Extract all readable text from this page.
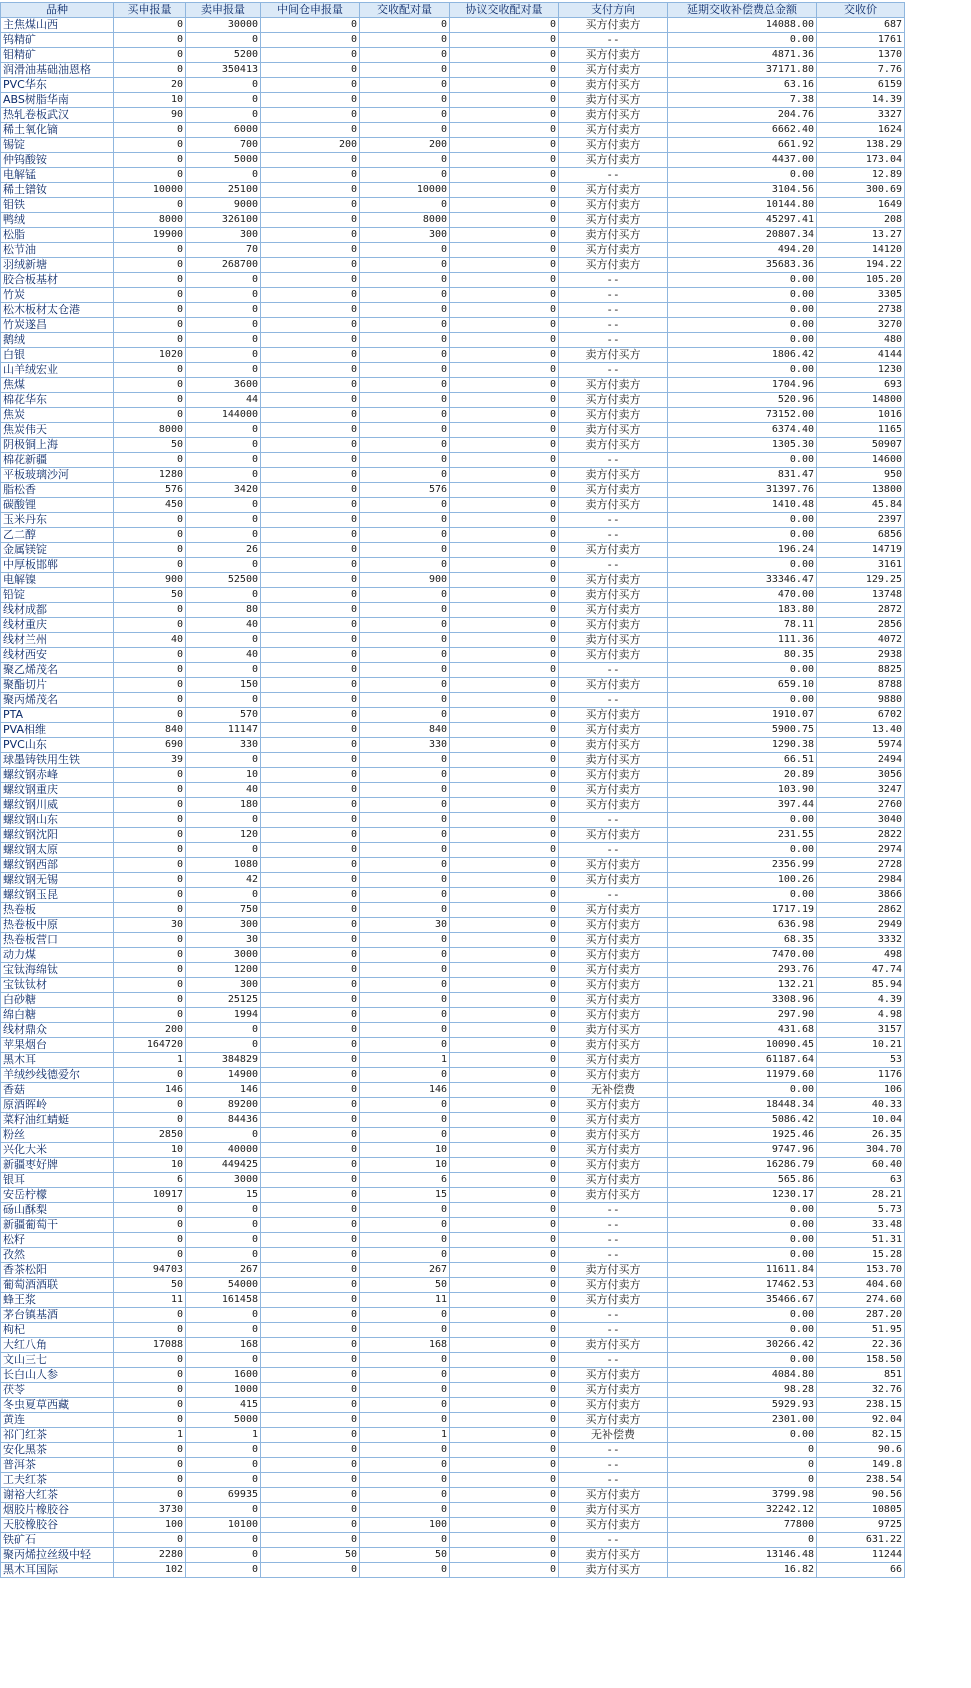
品种	买申报量	卖申报量	中间仓申报量	交收配对量	协议交收配对量	支付方向	延期交收补偿费总金额	交收价
主焦煤山西	0	30000	0	0	0	买方付卖方	14088.00	687
钨精矿	0	0	0	0	0	--	0.00	1761
钼精矿	0	5200	0	0	0	买方付卖方	4871.36	1370
润滑油基础油恩格	0	350413	0	0	0	买方付卖方	37171.80	7.76
PVC华东	20	0	0	0	0	卖方付买方	63.16	6159
ABS树脂华南	10	0	0	0	0	卖方付买方	7.38	14.39
热轧卷板武汉	90	0	0	0	0	卖方付买方	204.76	3327
稀土氧化镝	0	6000	0	0	0	买方付卖方	6662.40	1624
锡锭	0	700	200	200	0	买方付卖方	661.92	138.29
仲钨酸铵	0	5000	0	0	0	买方付卖方	4437.00	173.04
电解锰	0	0	0	0	0	--	0.00	12.89
稀土镨钕	10000	25100	0	10000	0	买方付卖方	3104.56	300.69
钼铁	0	9000	0	0	0	买方付卖方	10144.80	1649
鸭绒	8000	326100	0	8000	0	买方付卖方	45297.41	208
松脂	19900	300	0	300	0	卖方付买方	20807.34	13.27
松节油	0	70	0	0	0	买方付卖方	494.20	14120
羽绒新塘	0	268700	0	0	0	买方付卖方	35683.36	194.22
胶合板基材	0	0	0	0	0	--	0.00	105.20
竹炭	0	0	0	0	0	--	0.00	3305
松木板材太仓港	0	0	0	0	0	--	0.00	2738
竹炭遂昌	0	0	0	0	0	--	0.00	3270
鹅绒	0	0	0	0	0	--	0.00	480
白银	1020	0	0	0	0	卖方付买方	1806.42	4144
山羊绒宏业	0	0	0	0	0	--	0.00	1230
焦煤	0	3600	0	0	0	买方付卖方	1704.96	693
棉花华东	0	44	0	0	0	买方付卖方	520.96	14800
焦炭	0	144000	0	0	0	买方付卖方	73152.00	1016
焦炭伟天	8000	0	0	0	0	卖方付买方	6374.40	1165
阴极铜上海	50	0	0	0	0	卖方付买方	1305.30	50907
棉花新疆	0	0	0	0	0	--	0.00	14600
平板玻璃沙河	1280	0	0	0	0	卖方付买方	831.47	950
脂松香	576	3420	0	576	0	买方付卖方	31397.76	13800
碳酸锂	450	0	0	0	0	卖方付买方	1410.48	45.84
玉米丹东	0	0	0	0	0	--	0.00	2397
乙二醇	0	0	0	0	0	--	0.00	6856
金属镁锭	0	26	0	0	0	买方付卖方	196.24	14719
中厚板邯郸	0	0	0	0	0	--	0.00	3161
电解镍	900	52500	0	900	0	买方付卖方	33346.47	129.25
铅锭	50	0	0	0	0	卖方付买方	470.00	13748
线材成都	0	80	0	0	0	买方付卖方	183.80	2872
线材重庆	0	40	0	0	0	买方付卖方	78.11	2856
线材兰州	40	0	0	0	0	卖方付买方	111.36	4072
线材西安	0	40	0	0	0	买方付卖方	80.35	2938
聚乙烯茂名	0	0	0	0	0	--	0.00	8825
聚酯切片	0	150	0	0	0	买方付卖方	659.10	8788
聚丙烯茂名	0	0	0	0	0	--	0.00	9880
PTA	0	570	0	0	0	买方付卖方	1910.07	6702
PVA相维	840	11147	0	840	0	买方付卖方	5900.75	13.40
PVC山东	690	330	0	330	0	卖方付买方	1290.38	5974
球墨铸铁用生铁	39	0	0	0	0	卖方付买方	66.51	2494
螺纹钢赤峰	0	10	0	0	0	买方付卖方	20.89	3056
螺纹钢重庆	0	40	0	0	0	买方付卖方	103.90	3247
螺纹钢川威	0	180	0	0	0	买方付卖方	397.44	2760
螺纹钢山东	0	0	0	0	0	--	0.00	3040
螺纹钢沈阳	0	120	0	0	0	买方付卖方	231.55	2822
螺纹钢太原	0	0	0	0	0	--	0.00	2974
螺纹钢西部	0	1080	0	0	0	买方付卖方	2356.99	2728
螺纹钢无锡	0	42	0	0	0	买方付卖方	100.26	2984
螺纹钢玉昆	0	0	0	0	0	--	0.00	3866
热卷板	0	750	0	0	0	买方付卖方	1717.19	2862
热卷板中原	30	300	0	30	0	买方付卖方	636.98	2949
热卷板营口	0	30	0	0	0	买方付卖方	68.35	3332
动力煤	0	3000	0	0	0	买方付卖方	7470.00	498
宝钛海绵钛	0	1200	0	0	0	买方付卖方	293.76	47.74
宝钛钛材	0	300	0	0	0	买方付卖方	132.21	85.94
白砂糖	0	25125	0	0	0	买方付卖方	3308.96	4.39
绵白糖	0	1994	0	0	0	买方付卖方	297.90	4.98
线材鼎众	200	0	0	0	0	卖方付买方	431.68	3157
苹果烟台	164720	0	0	0	0	卖方付买方	10090.45	10.21
黑木耳	1	384829	0	1	0	买方付卖方	61187.64	53
羊绒纱线德爱尔	0	14900	0	0	0	买方付卖方	11979.60	1176
香菇	146	146	0	146	0	无补偿费	0.00	106
原酒晖岭	0	89200	0	0	0	买方付卖方	18448.34	40.33
菜籽油红蜻蜓	0	84436	0	0	0	买方付卖方	5086.42	10.04
粉丝	2850	0	0	0	0	卖方付买方	1925.46	26.35
兴化大米	10	40000	0	10	0	买方付卖方	9747.96	304.70
新疆枣好牌	10	449425	0	10	0	买方付卖方	16286.79	60.40
银耳	6	3000	0	6	0	买方付卖方	565.86	63
安岳柠檬	10917	15	0	15	0	卖方付买方	1230.17	28.21
砀山酥梨	0	0	0	0	0	--	0.00	5.73
新疆葡萄干	0	0	0	0	0	--	0.00	33.48
松籽	0	0	0	0	0	--	0.00	51.31
孜然	0	0	0	0	0	--	0.00	15.28
香茶松阳	94703	267	0	267	0	卖方付买方	11611.84	153.70
葡萄酒酒联	50	54000	0	50	0	买方付卖方	17462.53	404.60
蜂王浆	11	161458	0	11	0	买方付卖方	35466.67	274.60
茅台镇基酒	0	0	0	0	0	--	0.00	287.20
枸杞	0	0	0	0	0	--	0.00	51.95
大红八角	17088	168	0	168	0	卖方付买方	30266.42	22.36
文山三七	0	0	0	0	0	--	0.00	158.50
长白山人参	0	1600	0	0	0	买方付卖方	4084.80	851
茯苓	0	1000	0	0	0	买方付卖方	98.28	32.76
冬虫夏草西藏	0	415	0	0	0	买方付卖方	5929.93	238.15
黄连	0	5000	0	0	0	买方付卖方	2301.00	92.04
祁门红茶	1	1	0	1	0	无补偿费	0.00	82.15
安化黑茶	0	0	0	0	0	--	0	90.6
普洱茶	0	0	0	0	0	--	0	149.8
工夫红茶	0	0	0	0	0	--	0	238.54
谢裕大红茶	0	69935	0	0	0	买方付卖方	3799.98	90.56
烟胶片橡胶谷	3730	0	0	0	0	卖方付买方	32242.12	10805
天胶橡胶谷	100	10100	0	100	0	买方付卖方	77800	9725
铁矿石	0	0	0	0	0	--	0	631.22
聚丙烯拉丝级中轻	2280	0	50	50	0	卖方付买方	13146.48	11244
黑木耳国际	102	0	0	0	0	卖方付买方	16.82	66
